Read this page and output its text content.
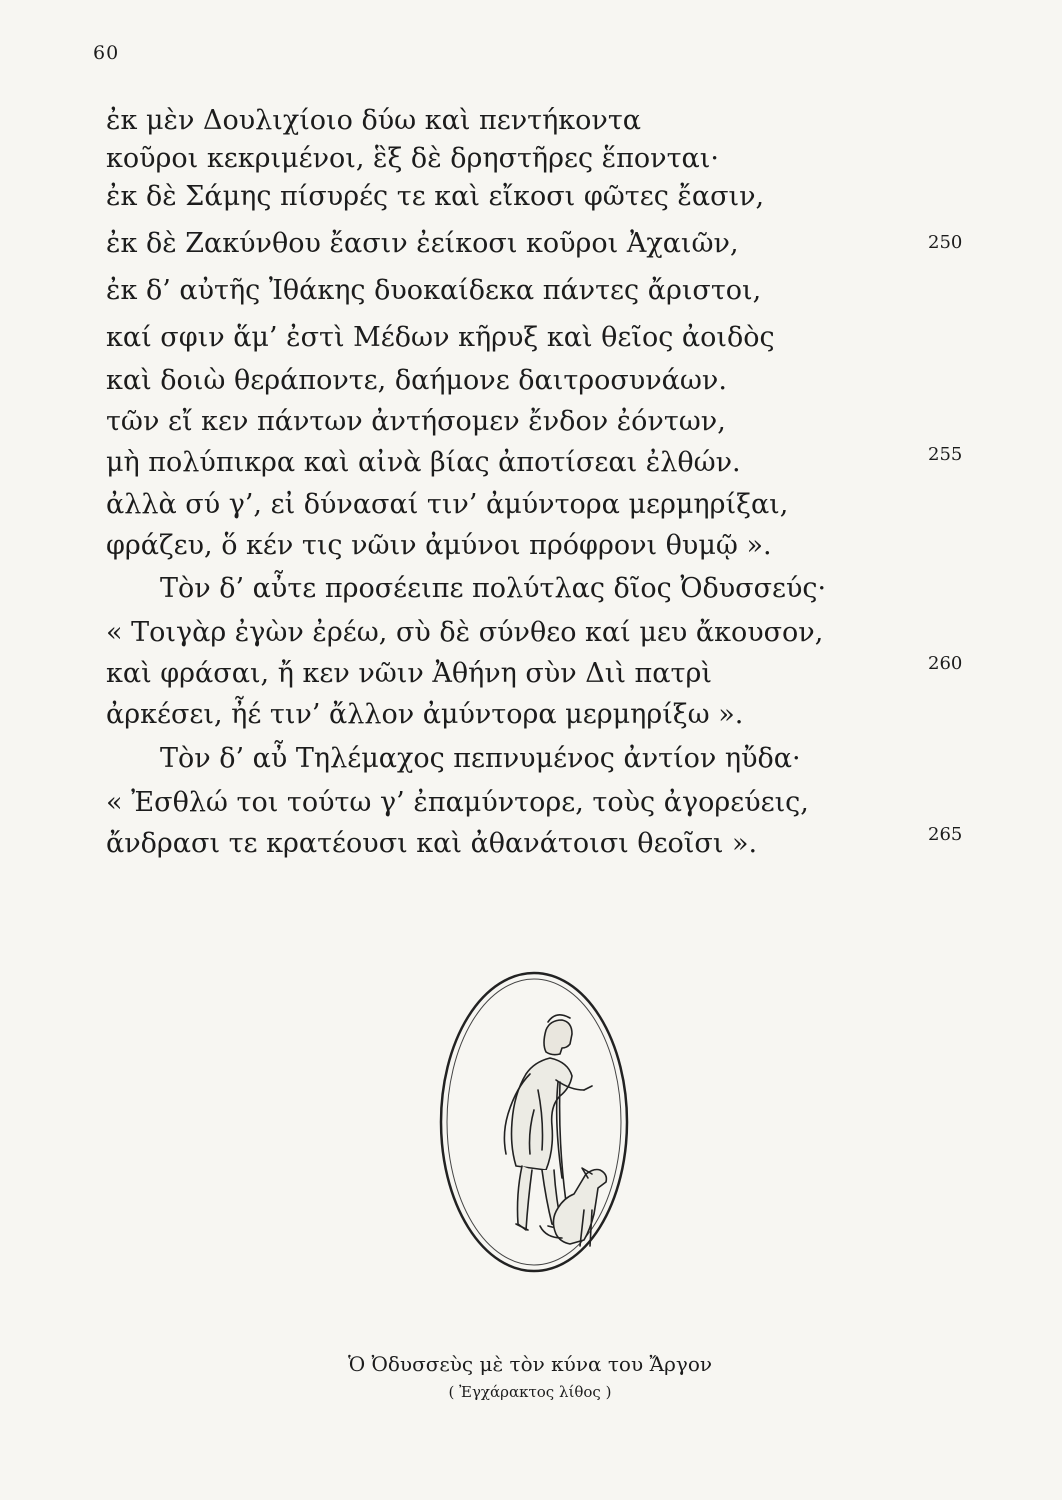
60
ἐκ μὲν Δουλιχίοιο δύω καὶ πεντήκοντα
κοῦροι κεκριμένοι, ἓξ δὲ δρηστῆρες ἕπονται·
ἐκ δὲ Σάμης πίσυρές τε καὶ εἴκοσι φῶτες ἔασιν,
ἐκ δὲ Ζακύνθου ἔασιν ἐείκοσι κοῦροι Ἀχαιῶν,	250
ἐκ δ’ αὐτῆς Ἰθάκης δυοκαίδεκα πάντες ἄριστοι,
καί σφιν ἅμ’ ἐστὶ Μέδων κῆρυξ καὶ θεῖος ἀοιδὸς
καὶ δοιὼ θεράποντε, δαήμονε δαιτροσυνάων.
τῶν εἴ κεν πάντων ἀντήσομεν ἔνδον ἐόντων,
μὴ πολύπικρα καὶ αἰνὰ βίας ἀποτίσεαι ἐλθών.	255
ἀλλὰ σύ γ’, εἰ δύνασαί τιν’ ἀμύντορα μερμηρίξαι,
φράζευ, ὅ κέν τις νῶιν ἀμύνοι πρόφρονι θυμῷ ».
Τὸν δ’ αὖτε προσέειπε πολύτλας δῖος Ὀδυσσεύς·
« Τοιγὰρ ἐγὼν ἐρέω, σὺ δὲ σύνθεο καί μευ ἄκουσον,
καὶ φράσαι, ἤ κεν νῶιν Ἀθήνη σὺν Διὶ πατρὶ	260
ἀρκέσει, ἦέ τιν’ ἄλλον ἀμύντορα μερμηρίξω ».
Τὸν δ’ αὖ Τηλέμαχος πεπνυμένος ἀντίον ηὔδα·
« Ἐσθλώ τοι τούτω γ’ ἐπαμύντορε, τοὺς ἀγορεύεις,
ἄνδρασι τε κρατέουσι καὶ ἀθανάτοισι θεοῖσι ».	265
Ὁ Ὀδυσσεὺς μὲ τὸν κύνα του Ἄργον
( Ἐγχάρακτος λίθος )
